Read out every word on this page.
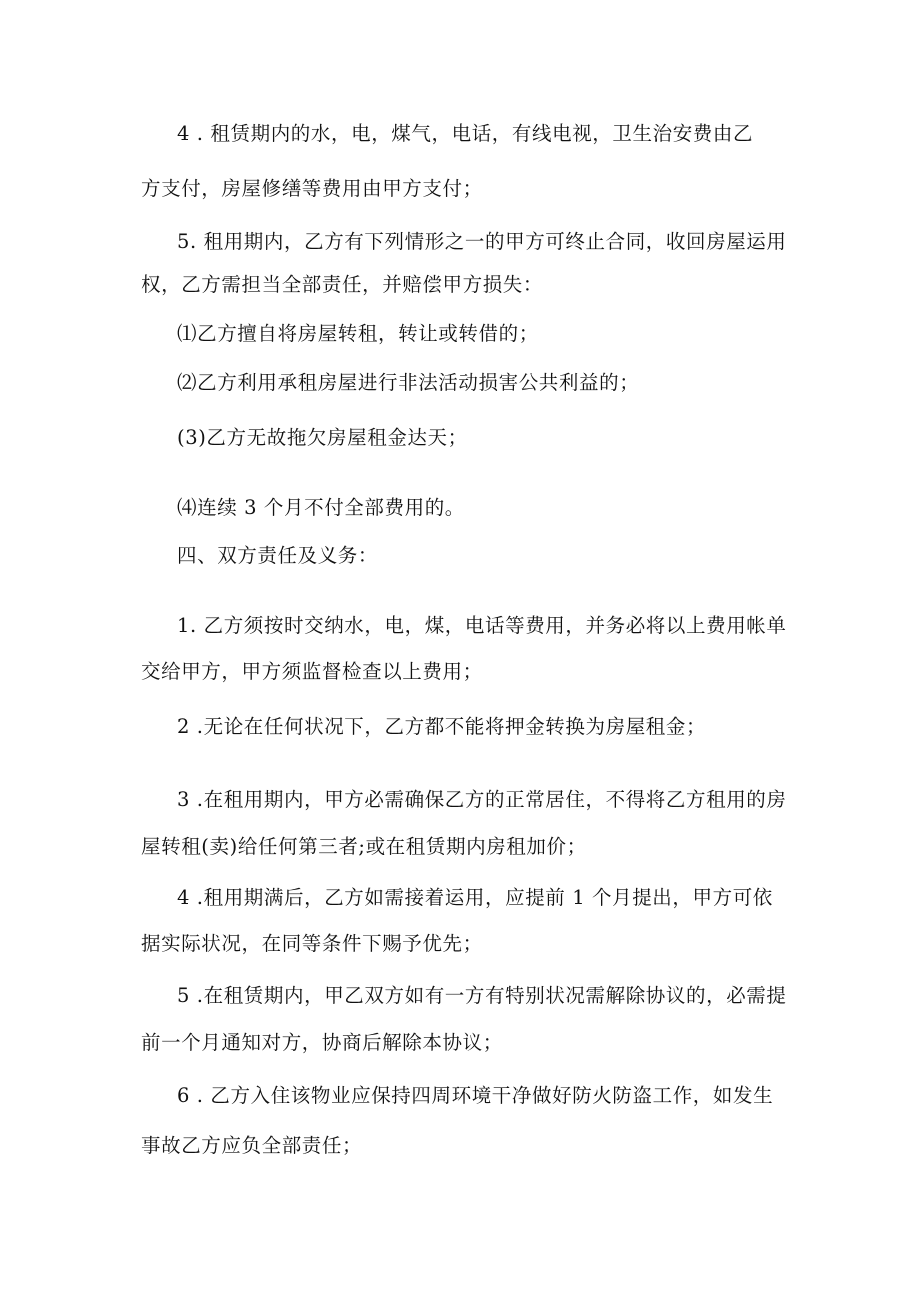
4 . 租赁期内的水，电，煤气，电话，有线电视，卫生治安费由乙
方支付，房屋修缮等费用由甲方支付；
5. 租用期内，乙方有下列情形之一的甲方可终止合同，收回房屋运用
权，乙方需担当全部责任，并赔偿甲方损失：
⑴乙方擅自将房屋转租，转让或转借的；
⑵乙方利用承租房屋进行非法活动损害公共利益的；
(3)乙方无故拖欠房屋租金达天；
⑷连续 3 个月不付全部费用的。
四、双方责任及义务：
1. 乙方须按时交纳水，电，煤，电话等费用，并务必将以上费用帐单
交给甲方，甲方须监督检查以上费用；
2 .无论在任何状况下，乙方都不能将押金转换为房屋租金；
3 .在租用期内，甲方必需确保乙方的正常居住，不得将乙方租用的房
屋转租(卖)给任何第三者;或在租赁期内房租加价；
4 .租用期满后，乙方如需接着运用，应提前 1 个月提出，甲方可依
据实际状况，在同等条件下赐予优先；
5 .在租赁期内，甲乙双方如有一方有特别状况需解除协议的，必需提
前一个月通知对方，协商后解除本协议；
6 . 乙方入住该物业应保持四周环境干净做好防火防盗工作，如发生
事故乙方应负全部责任；
